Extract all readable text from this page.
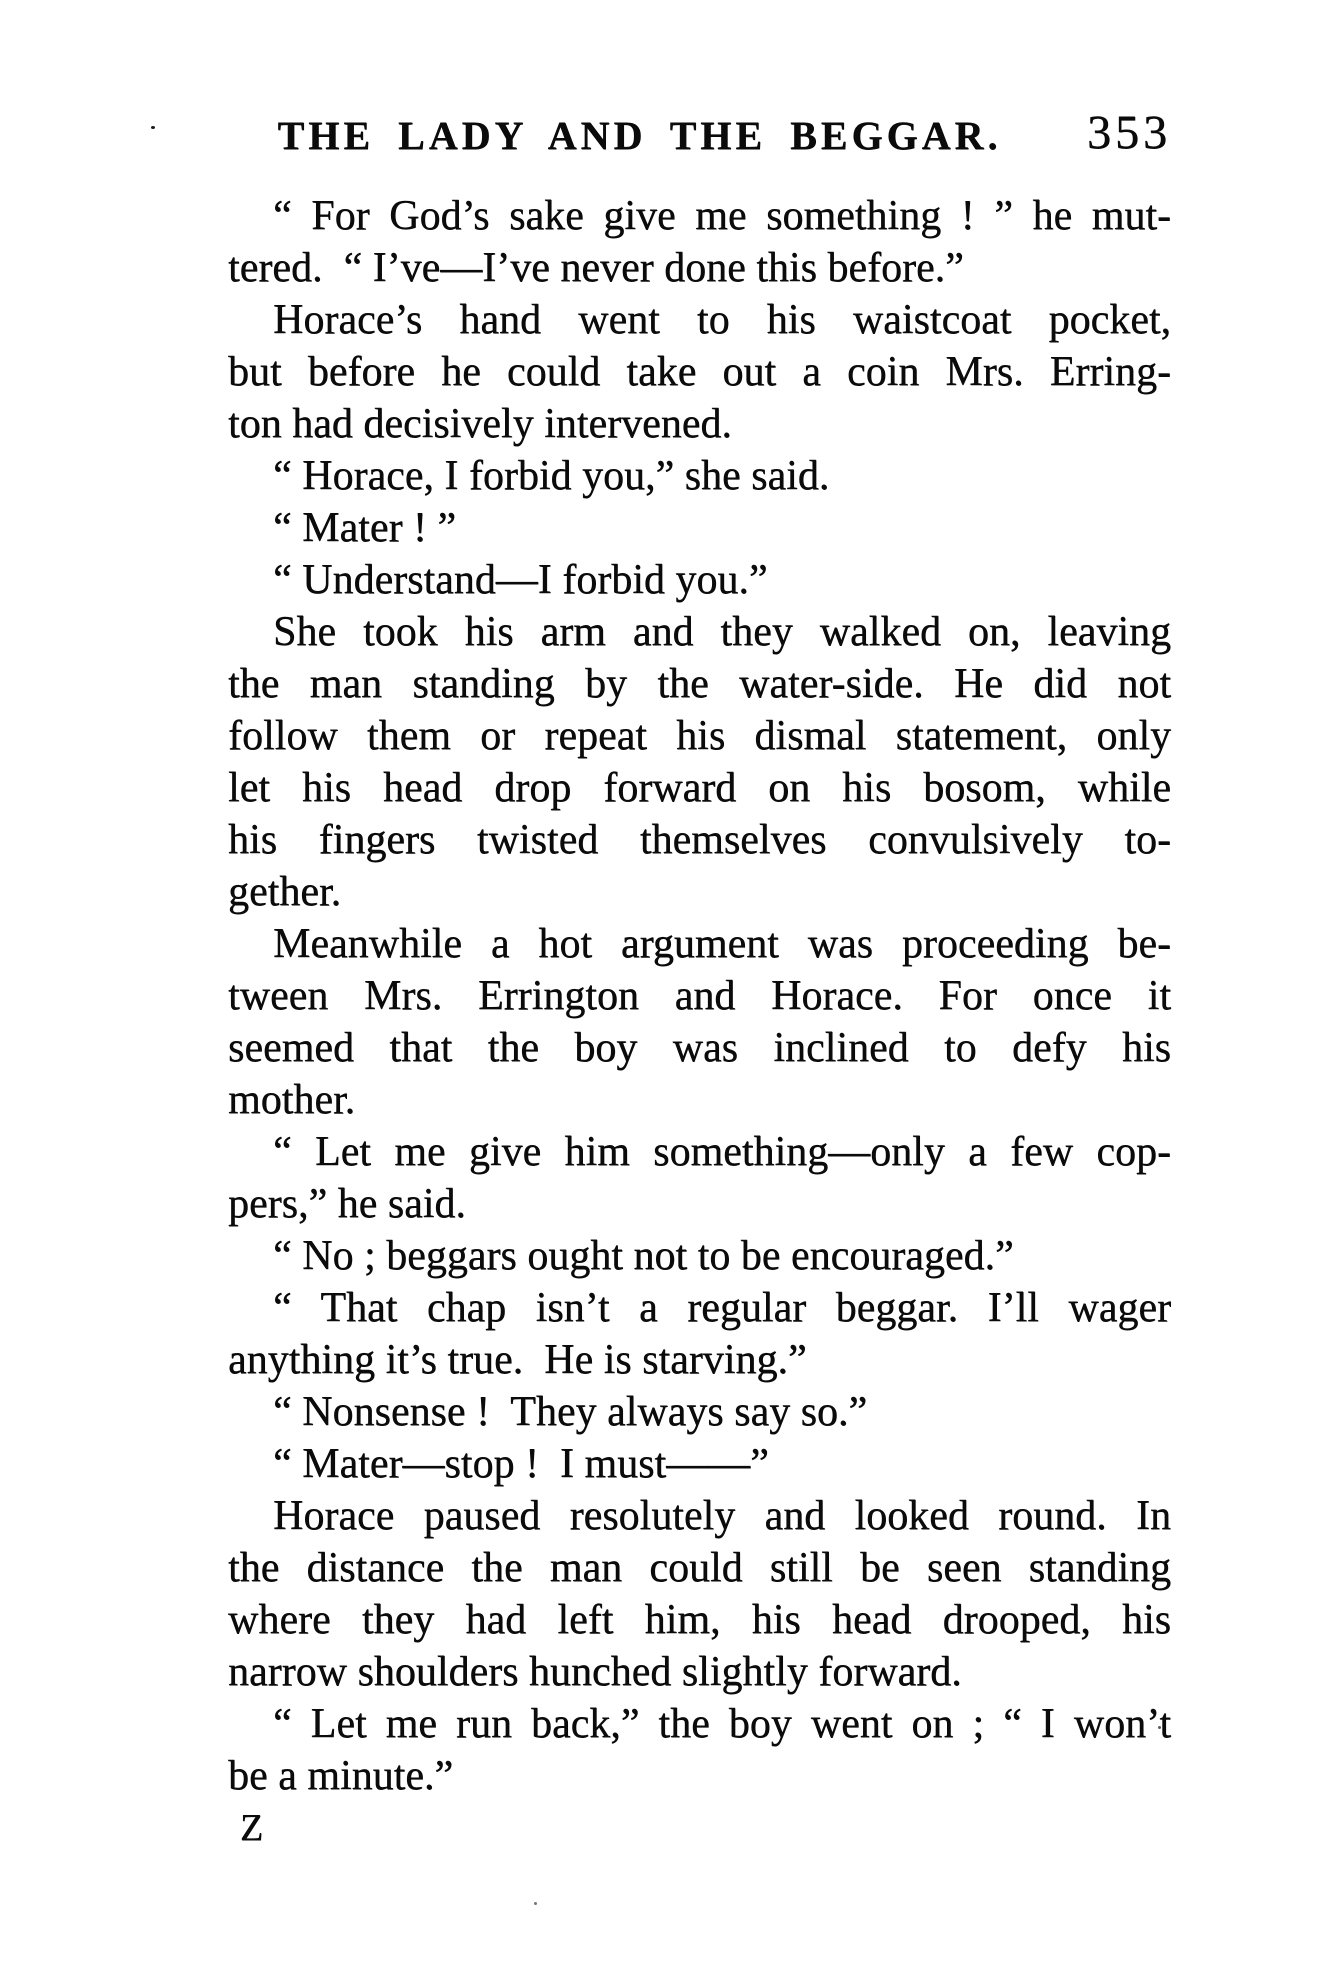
THE LADY AND THE BEGGAR. 353
“ For God’s sake give me something ! ” he mut-
tered.  “ I’ve—I’ve never done this before.”
Horace’s hand went to his waistcoat pocket,
but before he could take out a coin Mrs. Erring-
ton had decisively intervened.
“ Horace, I forbid you,” she said.
“ Mater ! ”
“ Understand—I forbid you.”
She took his arm and they walked on, leaving
the man standing by the water-side. He did not
follow them or repeat his dismal statement, only
let his head drop forward on his bosom, while
his fingers twisted themselves convulsively to-
gether.
Meanwhile a hot argument was proceeding be-
tween Mrs. Errington and Horace. For once it
seemed that the boy was inclined to defy his
mother.
“ Let me give him something—only a few cop-
pers,” he said.
“ No ; beggars ought not to be encouraged.”
“ That chap isn’t a regular beggar. I’ll wager
anything it’s true.  He is starving.”
“ Nonsense !  They always say so.”
“ Mater—stop !  I must——”
Horace paused resolutely and looked round. In
the distance the man could still be seen standing
where they had left him, his head drooped, his
narrow shoulders hunched slightly forward.
“ Let me run back,” the boy went on ; “ I won’t
be a minute.”
Z
